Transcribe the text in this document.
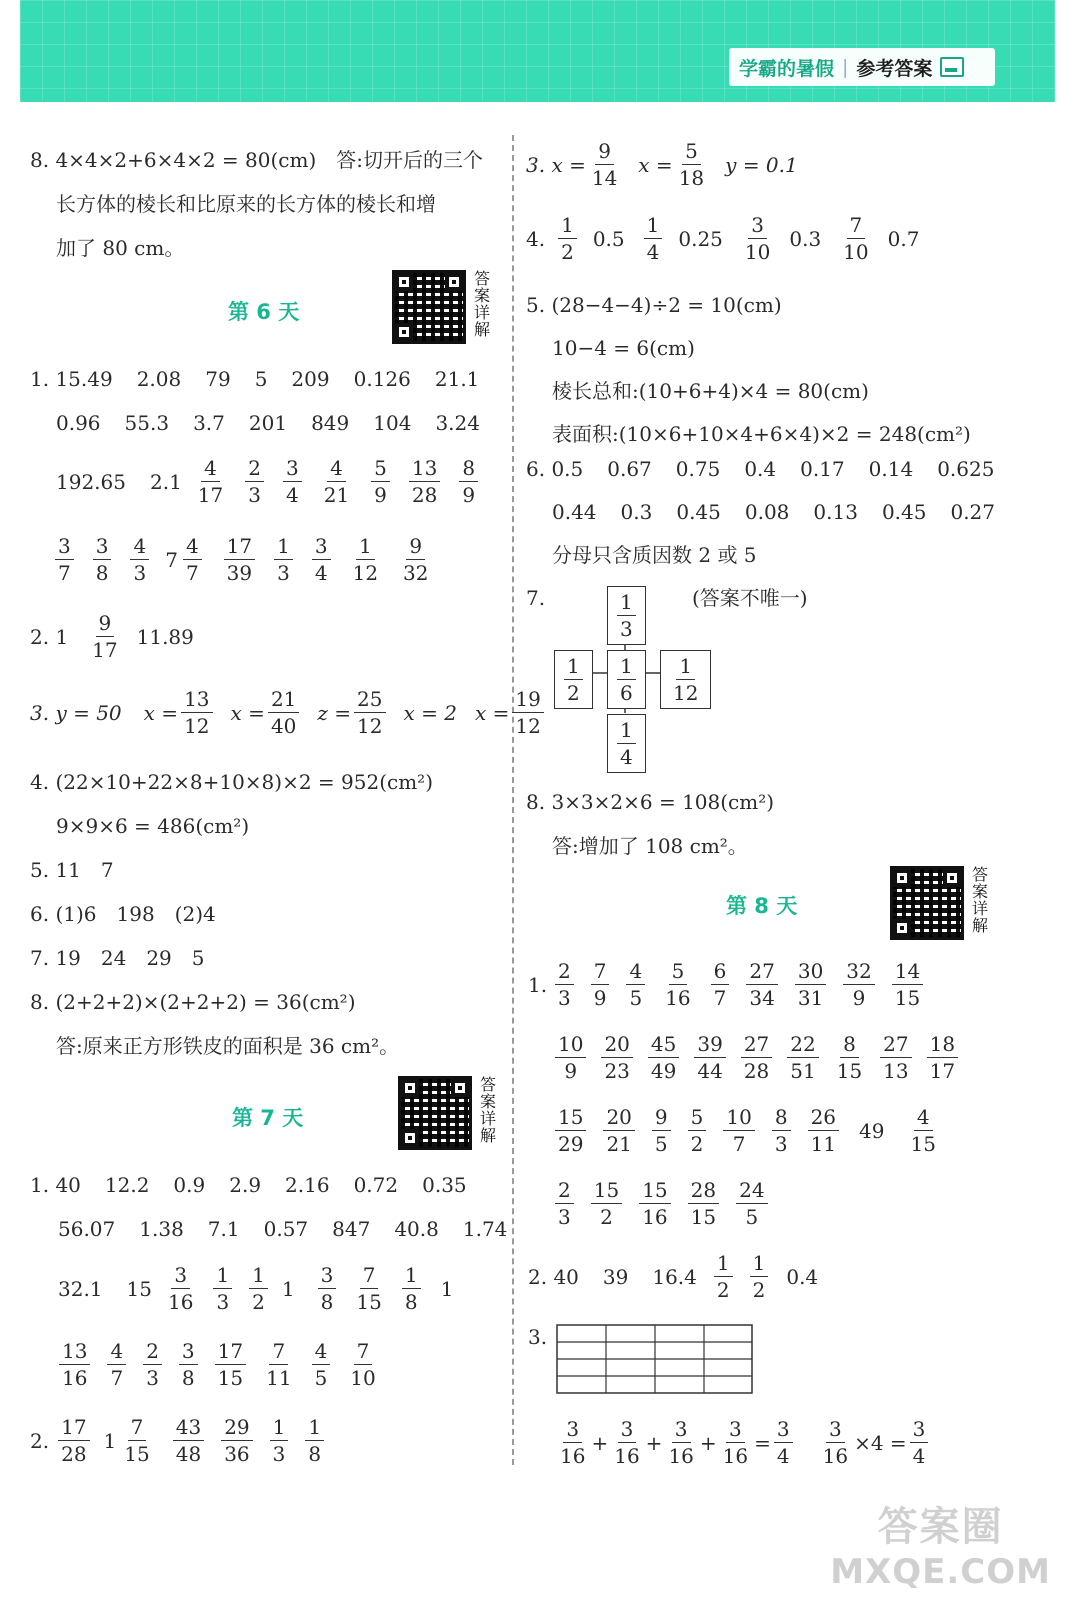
学霸的暑假 | 参考答案
8. 4×4×2+6×4×2 = 80(cm)　答:切开后的三个
长方体的棱长和比原来的长方体的棱长和增
加了 80 cm。
第 6 天
答案详解
1. 15.49 2.08 79 5 209 0.126 21.1
0.96 55.3 3.7 201 849 104 3.24
192.65 $2.1 \frac{4}{17} \frac{2}{3} \frac{3}{4} \frac{4}{21} \frac{5}{9} \frac{13}{28} \frac{8}{9}$
$\frac{3}{7} \frac{3}{8} \frac{4}{3} 7 \frac{4}{7} \frac{17}{39} \frac{1}{3} \frac{3}{4} \frac{1}{12} \frac{9}{32}$
2. $1 \frac{9}{17} 11.89$
3. y = 50 $x = \frac{13}{12}$ $x = \frac{21}{40}$ $z = \frac{25}{12}$ x = 2 $x = \frac{19}{12}$
4. (22×10+22×8+10×8)×2 = 952(cm²)
9×9×6 = 486(cm²)
5. 11　7
6. (1)6　198　(2)4
7. 19　24　29　5
8. (2+2+2)×(2+2+2) = 36(cm²)
答:原来正方形铁皮的面积是 36 cm²。
第 7 天
答案详解
1. 40 12.2 0.9 2.9 2.16 0.72 0.35
56.07 1.38 7.1 0.57 847 40.8 1.74
32.1 $15 \frac{3}{16} \frac{1}{3} \frac{1}{2} 1 \frac{3}{8} \frac{7}{15} \frac{1}{8} 1$
$\frac{13}{16} \frac{4}{7} \frac{2}{3} \frac{3}{8} \frac{17}{15} \frac{7}{11} \frac{4}{5} \frac{7}{10}$
2. $\frac{17}{28} 1 \frac{7}{15} \frac{43}{48} \frac{29}{36} \frac{1}{3} \frac{1}{8}$
3. $x = \frac{9}{14}$ $x = \frac{5}{18}$ y = 0.1
4. $\frac{1}{2} 0.5 \frac{1}{4} 0.25 \frac{3}{10} 0.3 \frac{7}{10} 0.7$
5. (28−4−4)÷2 = 10(cm)
10−4 = 6(cm)
棱长总和:(10+6+4)×4 = 80(cm)
表面积:(10×6+10×4+6×4)×2 = 248(cm²)
6. 0.5 0.67 0.75 0.4 0.17 0.14 0.625
0.44 0.3 0.45 0.08 0.13 0.45 0.27
分母只含质因数 2 或 5
7.	(答案不唯一)
$\frac{1}{3}$
$\frac{1}{2} \frac{1}{6} \frac{1}{12}$
$\frac{1}{4}$
8. 3×3×2×6 = 108(cm²)
答:增加了 108 cm²。
第 8 天
答案详解
1. $\frac{2}{3} \frac{7}{9} \frac{4}{5} \frac{5}{16} \frac{6}{7} \frac{27}{34} \frac{30}{31} \frac{32}{9} \frac{14}{15}$
$\frac{10}{9} \frac{20}{23} \frac{45}{49} \frac{39}{44} \frac{27}{28} \frac{22}{51} \frac{8}{15} \frac{27}{13} \frac{18}{17}$
$\frac{15}{29} \frac{20}{21} \frac{9}{5} \frac{5}{2} \frac{10}{7} \frac{8}{3} \frac{26}{11} 49 \frac{4}{15}$
$\frac{2}{3} \frac{15}{2} \frac{15}{16} \frac{28}{15} \frac{24}{5}$
2. 40 39 $16.4 \frac{1}{2} \frac{1}{2} 0.4$
3.
$\frac{3}{16} + \frac{3}{16} + \frac{3}{16} + \frac{3}{16} = \frac{3}{4} \frac{3}{16} \times 4 = \frac{3}{4}$
答案圈
MXQE.COM
